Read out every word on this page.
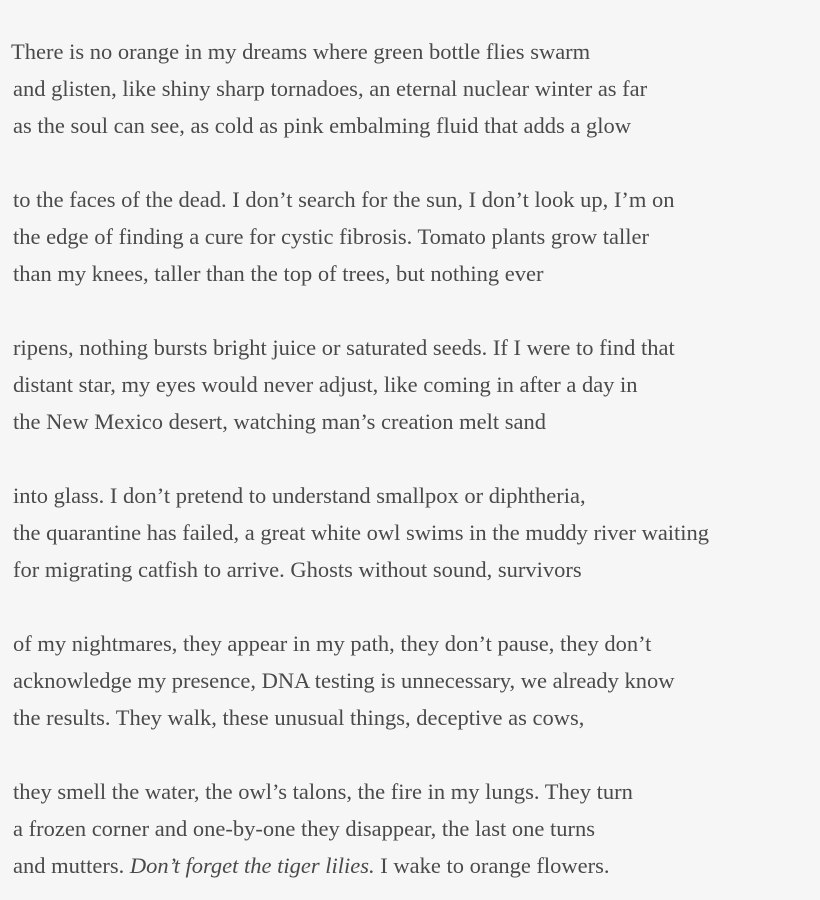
There is no orange in my dreams where green bottle flies swarm
and glisten, like shiny sharp tornadoes, an eternal nuclear winter as far
as the soul can see, as cold as pink embalming fluid that adds a glow
to the faces of the dead. I don’t search for the sun, I don’t look up, I’m on
the edge of finding a cure for cystic fibrosis. Tomato plants grow taller
than my knees, taller than the top of trees, but nothing ever
ripens, nothing bursts bright juice or saturated seeds. If I were to find that
distant star, my eyes would never adjust, like coming in after a day in
the New Mexico desert, watching man’s creation melt sand
into glass. I don’t pretend to understand smallpox or diphtheria,
the quarantine has failed, a great white owl swims in the muddy river waiting
for migrating catfish to arrive. Ghosts without sound, survivors
of my nightmares, they appear in my path, they don’t pause, they don’t
acknowledge my presence, DNA testing is unnecessary, we already know
the results. They walk, these unusual things, deceptive as cows,
they smell the water, the owl’s talons, the fire in my lungs. They turn
a frozen corner and one-by-one they disappear, the last one turns
and mutters. Don’t forget the tiger lilies. I wake to orange flowers.
